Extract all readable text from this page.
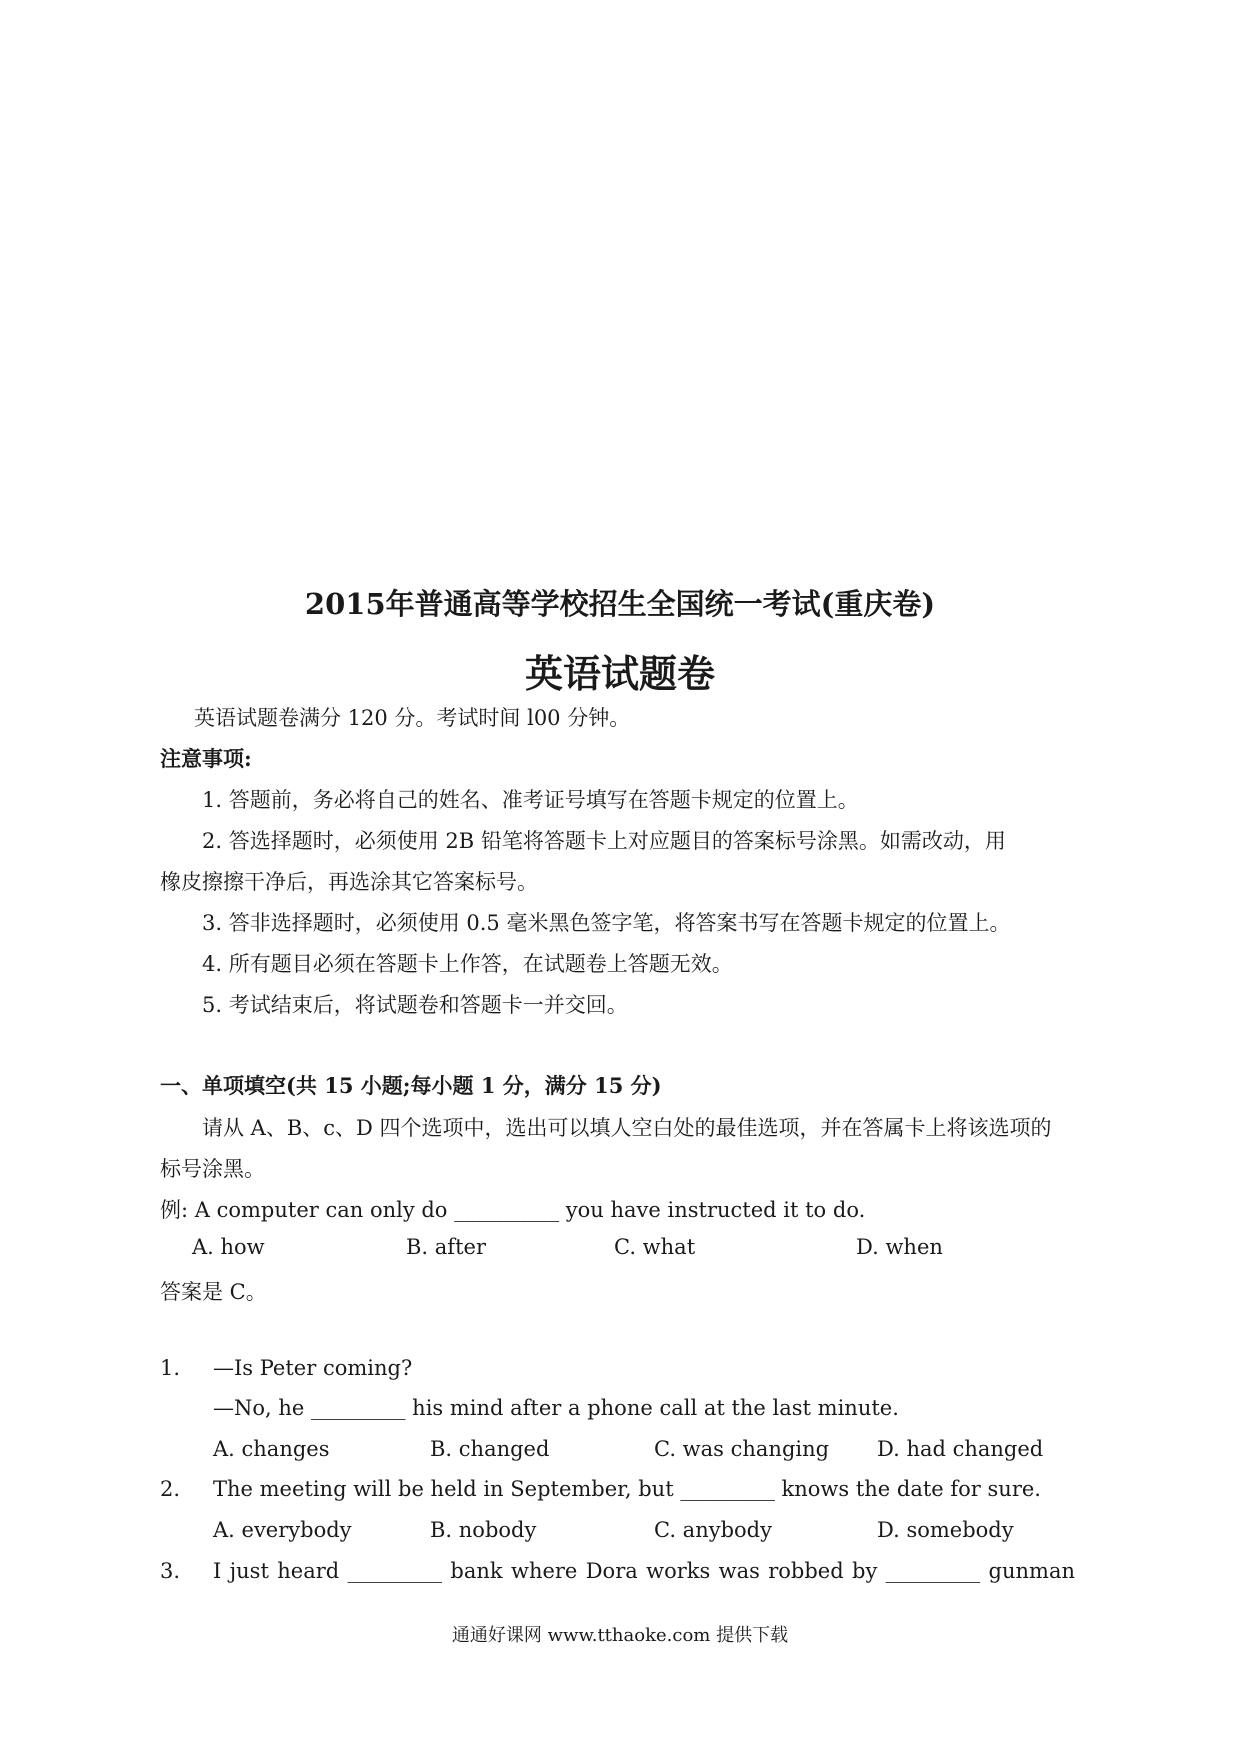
2015年普通高等学校招生全国统一考试(重庆卷)
英语试题卷
英语试题卷满分 120 分。考试时间 l00 分钟。
注意事项:
1. 答题前，务必将自己的姓名、准考证号填写在答题卡规定的位置上。
2. 答选择题时，必须使用 2B 铅笔将答题卡上对应题目的答案标号涂黑。如需改动，用
橡皮擦擦干净后，再选涂其它答案标号。
3. 答非选择题时，必须使用 0.5 毫米黑色签字笔，将答案书写在答题卡规定的位置上。
4. 所有题目必须在答题卡上作答，在试题卷上答题无效。
5. 考试结束后，将试题卷和答题卡一并交回。
一、单项填空(共 15 小题;每小题 1 分，满分 15 分)
请从 A、B、c、D 四个选项中，选出可以填人空白处的最佳选项，并在答属卡上将该选项的
标号涂黑。
例: A computer can only do __________ you have instructed it to do.
A. how	B. after	C. what	D. when
答案是 C。
1. —Is Peter coming?
—No, he _________ his mind after a phone call at the last minute.
A. changes	B. changed	C. was changing D. had changed
2. The meeting will be held in September, but _________ knows the date for sure.
A. everybody	B. nobody	C. anybody	D. somebody
3. I just heard _________ bank where Dora works was robbed by _________ gunman
通通好课网 www.tthaoke.com 提供下载
